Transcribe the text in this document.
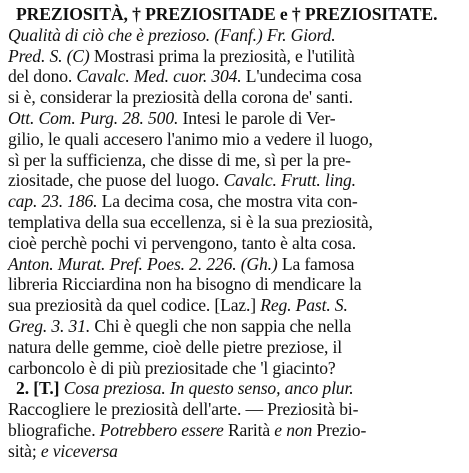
PREZIOSITÀ, † PREZIOSITADE e † PREZIOSITATE.
Qualità di ciò che è prezioso. (Fanf.) Fr. Giord.
Pred. S. (C) Mostrasi prima la preziosità, e l'utilità
del dono. Cavalc. Med. cuor. 304. L'undecima cosa
si è, considerar la preziosità della corona de' santi.
Ott. Com. Purg. 28. 500. Intesi le parole di Ver-
gilio, le quali accesero l'animo mio a vedere il luogo,
sì per la sufficienza, che disse di me, sì per la pre-
ziositade, che puose del luogo. Cavalc. Frutt. ling.
cap. 23. 186. La decima cosa, che mostra vita con-
templativa della sua eccellenza, si è la sua preziosità,
cioè perchè pochi vi pervengono, tanto è alta cosa.
Anton. Murat. Pref. Poes. 2. 226. (Gh.) La famosa
libreria Ricciardina non ha bisogno di mendicare la
sua preziosità da quel codice. [Laz.] Reg. Past. S.
Greg. 3. 31. Chi è quegli che non sappia che nella
natura delle gemme, cioè delle pietre preziose, il
carboncolo è di più preziositade che 'l giacinto?
2. [T.] Cosa preziosa. In questo senso, anco plur.
Raccogliere le preziosità dell'arte. — Preziosità bi-
bliografiche. Potrebbero essere Rarità e non Prezio-
sità; e viceversa
